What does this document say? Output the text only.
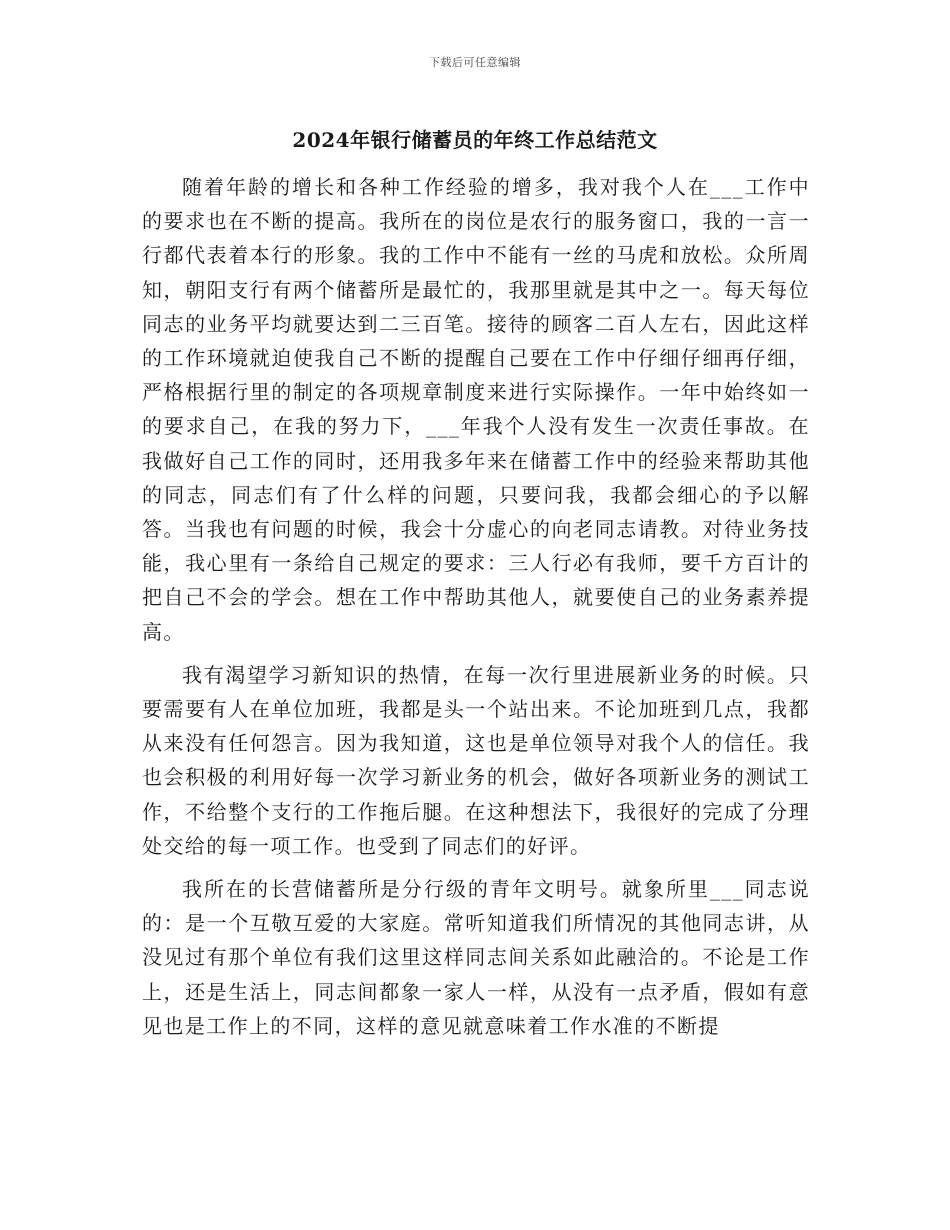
下载后可任意编辑
2024年银行储蓄员的年终工作总结范文

随着年龄的增长和各种工作经验的增多，我对我个人在___工作中的要求也在不断的提高。我所在的岗位是农行的服务窗口，我的一言一行都代表着本行的形象。我的工作中不能有一丝的马虎和放松。众所周知，朝阳支行有两个储蓄所是最忙的，我那里就是其中之一。每天每位同志的业务平均就要达到二三百笔。接待的顾客二百人左右，因此这样的工作环境就迫使我自己不断的提醒自己要在工作中仔细仔细再仔细，严格根据行里的制定的各项规章制度来进行实际操作。一年中始终如一的要求自己，在我的努力下，___年我个人没有发生一次责任事故。在我做好自己工作的同时，还用我多年来在储蓄工作中的经验来帮助其他的同志，同志们有了什么样的问题，只要问我，我都会细心的予以解答。当我也有问题的时候，我会十分虚心的向老同志请教。对待业务技能，我心里有一条给自己规定的要求：三人行必有我师，要千方百计的把自己不会的学会。想在工作中帮助其他人，就要使自己的业务素养提高。

我有渴望学习新知识的热情，在每一次行里进展新业务的时候。只要需要有人在单位加班，我都是头一个站出来。不论加班到几点，我都从来没有任何怨言。因为我知道，这也是单位领导对我个人的信任。我也会积极的利用好每一次学习新业务的机会，做好各项新业务的测试工作，不给整个支行的工作拖后腿。在这种想法下，我很好的完成了分理处交给的每一项工作。也受到了同志们的好评。

我所在的长营储蓄所是分行级的青年文明号。就象所里___同志说的：是一个互敬互爱的大家庭。常听知道我们所情况的其他同志讲，从没见过有那个单位有我们这里这样同志间关系如此融洽的。不论是工作上，还是生活上，同志间都象一家人一样，从没有一点矛盾，假如有意见也是工作上的不同，这样的意见就意味着工作水准的不断提
